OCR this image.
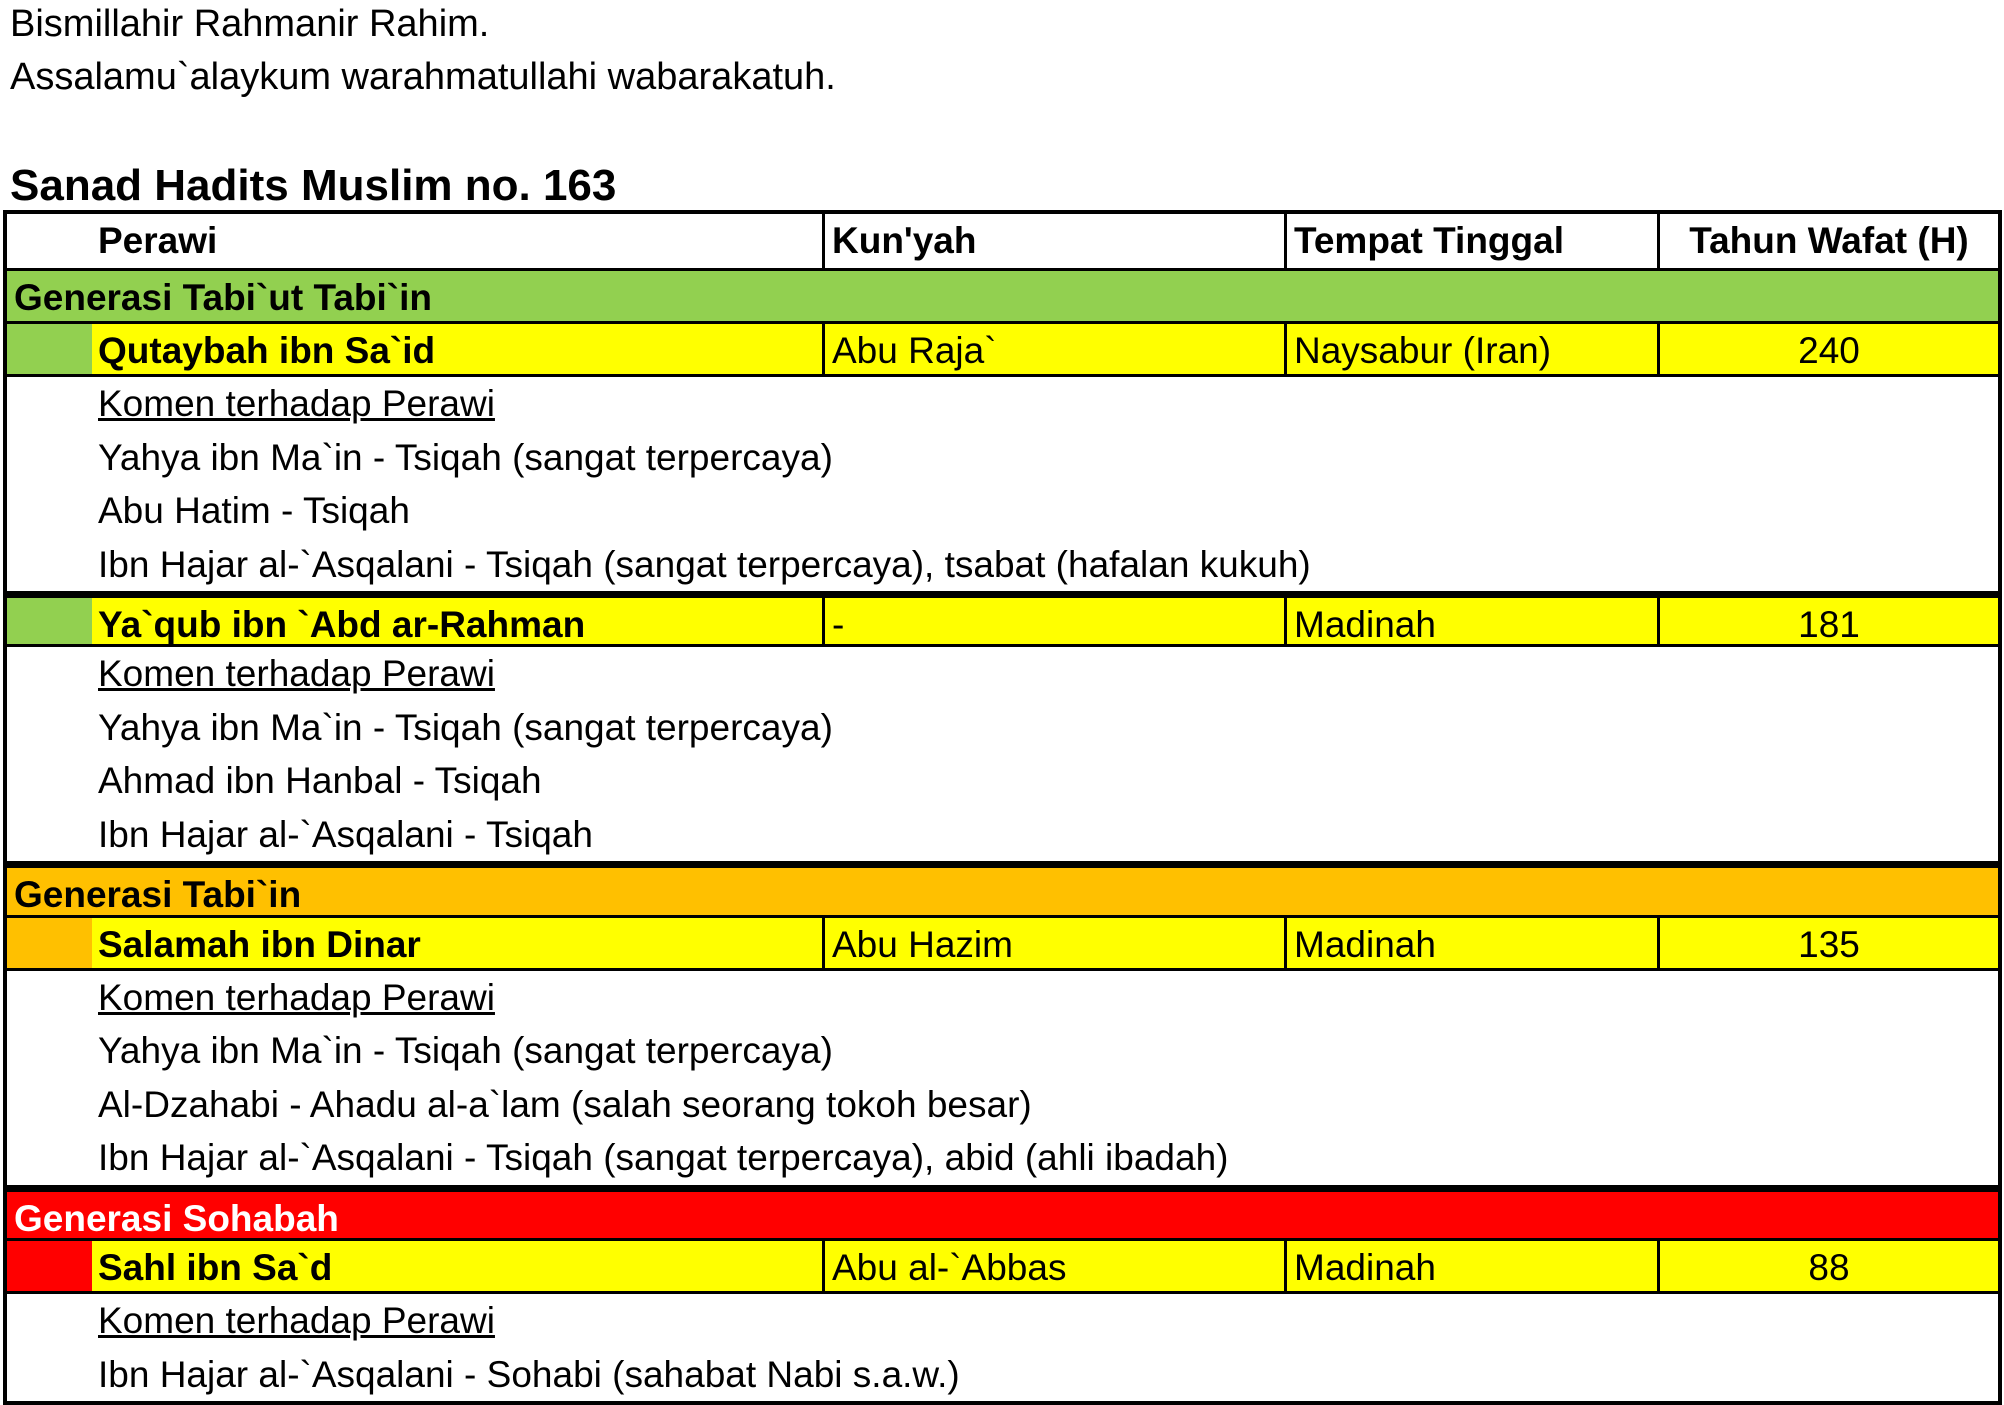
Bismillahir Rahmanir Rahim.
Assalamu`alaykum warahmatullahi wabarakatuh.
Sanad Hadits Muslim no. 163
Perawi	Kun'yah	Tempat Tinggal	Tahun Wafat (H)
Generasi Tabi`ut Tabi`in
Qutaybah ibn Sa`id	Abu Raja`	Naysabur (Iran)	240
Komen terhadap Perawi
Yahya ibn Ma`in - Tsiqah (sangat terpercaya)
Abu Hatim - Tsiqah
Ibn Hajar al-`Asqalani - Tsiqah (sangat terpercaya), tsabat (hafalan kukuh)
Ya`qub ibn `Abd ar-Rahman	-	Madinah	181
Komen terhadap Perawi
Yahya ibn Ma`in - Tsiqah (sangat terpercaya)
Ahmad ibn Hanbal - Tsiqah
Ibn Hajar al-`Asqalani - Tsiqah
Generasi Tabi`in
Salamah ibn Dinar	Abu Hazim	Madinah	135
Komen terhadap Perawi
Yahya ibn Ma`in - Tsiqah (sangat terpercaya)
Al-Dzahabi - Ahadu al-a`lam (salah seorang tokoh besar)
Ibn Hajar al-`Asqalani - Tsiqah (sangat terpercaya), abid (ahli ibadah)
Generasi Sohabah
Sahl ibn Sa`d	Abu al-`Abbas	Madinah	88
Komen terhadap Perawi
Ibn Hajar al-`Asqalani - Sohabi (sahabat Nabi s.a.w.)
